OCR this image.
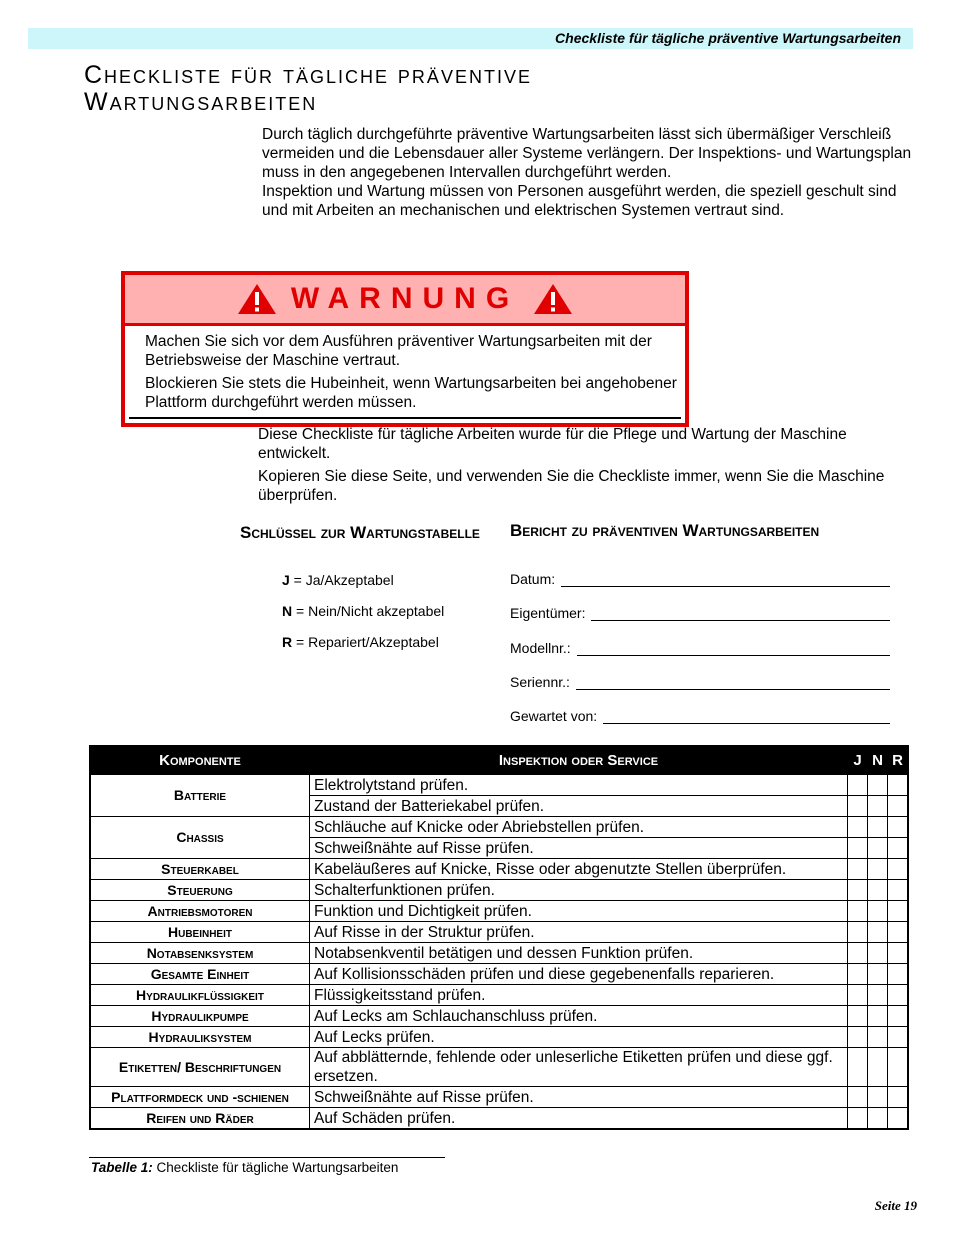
Checkliste für tägliche präventive Wartungsarbeiten
Checkliste für tägliche präventive
Wartungsarbeiten

Durch täglich durchgeführte präventive Wartungsarbeiten lässt sich übermäßiger Verschleiß vermeiden und die Lebensdauer aller Systeme verlängern. Der Inspektions- und Wartungsplan muss in den angegebenen Intervallen durchgeführt werden.

Inspektion und Wartung müssen von Personen ausgeführt werden, die speziell geschult sind und mit Arbeiten an mechanischen und elektrischen Systemen vertraut sind.

WARNUNG

Machen Sie sich vor dem Ausführen präventiver Wartungsarbeiten mit der Betriebsweise der Maschine vertraut.

Blockieren Sie stets die Hubeinheit, wenn Wartungsarbeiten bei angehobener Plattform durchgeführt werden müssen.

Diese Checkliste für tägliche Arbeiten wurde für die Pflege und Wartung der Maschine entwickelt.

Kopieren Sie diese Seite, und verwenden Sie die Checkliste immer, wenn Sie die Maschine überprüfen.

Schlüssel zur Wartungstabelle
J = Ja/Akzeptabel
N = Nein/Nicht akzeptabel
R = Repariert/Akzeptabel
Bericht zu präventiven Wartungsarbeiten
Datum:
Eigentümer:
Modellnr.:
Seriennr.:
Gewartet von:
Komponente	Inspektion oder Service	J	N	R
Batterie	Elektrolytstand prüfen.			
	Zustand der Batteriekabel prüfen.			
Chassis	Schläuche auf Knicke oder Abriebstellen prüfen.			
	Schweißnähte auf Risse prüfen.			
Steuerkabel	Kabeläußeres auf Knicke, Risse oder abgenutzte Stellen überprüfen.			
Steuerung	Schalterfunktionen prüfen.			
Antriebsmotoren	Funktion und Dichtigkeit prüfen.			
Hubeinheit	Auf Risse in der Struktur prüfen.			
Notabsenksystem	Notabsenkventil betätigen und dessen Funktion prüfen.			
Gesamte Einheit	Auf Kollisionsschäden prüfen und diese gegebenenfalls reparieren.			
Hydraulikflüssigkeit	Flüssigkeitsstand prüfen.			
Hydraulikpumpe	Auf Lecks am Schlauchanschluss prüfen.			
Hydrauliksystem	Auf Lecks prüfen.			
Etiketten/ Beschriftungen	Auf abblätternde, fehlende oder unleserliche Etiketten prüfen und diese ggf. ersetzen.			
Plattformdeck und -schienen	Schweißnähte auf Risse prüfen.			
Reifen und Räder	Auf Schäden prüfen.			
Tabelle 1: Checkliste für tägliche Wartungsarbeiten
Seite 19
